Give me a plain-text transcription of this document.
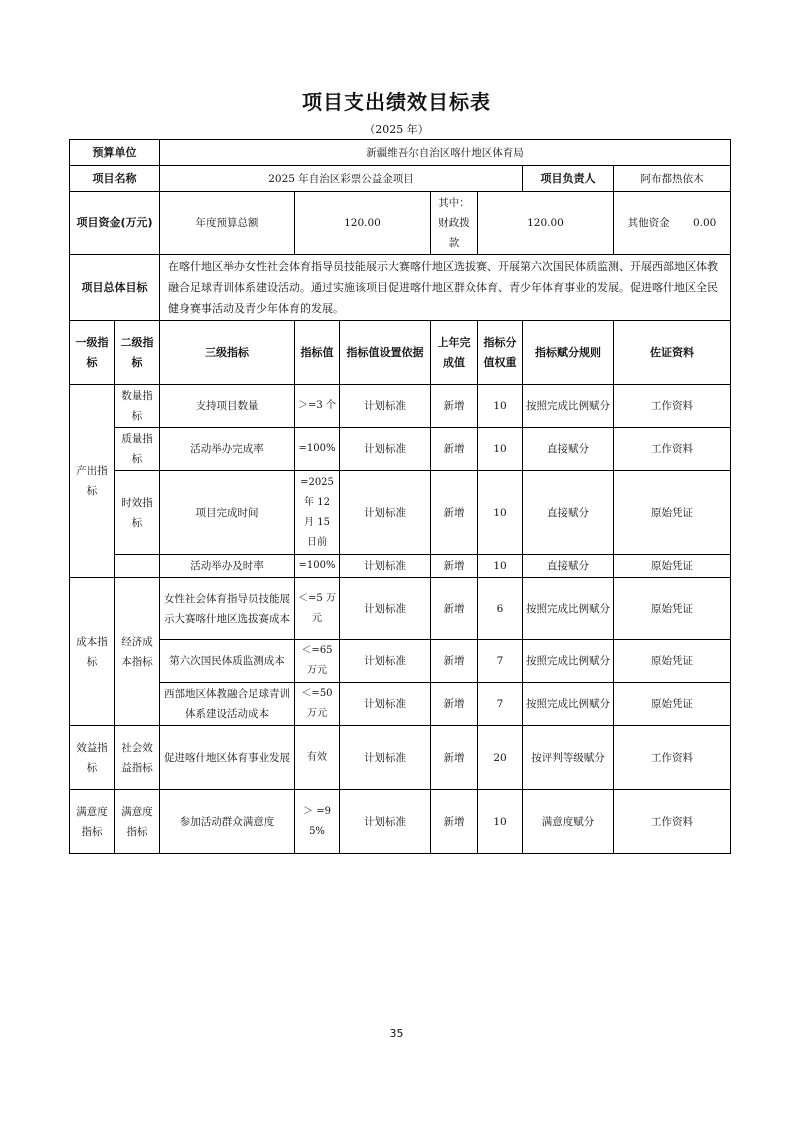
项目支出绩效目标表
（2025 年）
预算单位		新疆维吾尔自治区喀什地区体育局						
项目名称		2025 年自治区彩票公益金项目					项目负责人	阿布都热依木
项目资金(万元)		年度预算总额	120.00		其中：财政拨款	120.00		其他资金 0.00
项目总体目标		在喀什地区举办女性社会体育指导员技能展示大赛喀什地区选拔赛、开展第六次国民体质监测、开展西部地区体教融合足球青训体系建设活动。通过实施该项目促进喀什地区群众体育、青少年体育事业的发展。促进喀什地区全民健身赛事活动及青少年体育的发展。						
一级指标	二级指标	三级指标	指标值	指标值设置依据	上年完成值	指标分值权重	指标赋分规则	佐证资料
产出指标	数量指标	支持项目数量	＞=3 个	计划标准	新增	10	按照完成比例赋分	工作资料
	质量指标	活动举办完成率	=100%	计划标准	新增	10	直接赋分	工作资料
	时效指标	项目完成时间	=2025 年 12 月 15 日前	计划标准	新增	10	直接赋分	原始凭证
		活动举办及时率	=100%	计划标准	新增	10	直接赋分	原始凭证
成本指标	经济成本指标	女性社会体育指导员技能展示大赛喀什地区选拔赛成本	＜=5 万元	计划标准	新增	6	按照完成比例赋分	原始凭证
		第六次国民体质监测成本	＜=65 万元	计划标准	新增	7	按照完成比例赋分	原始凭证
		西部地区体教融合足球青训体系建设活动成本	＜=50 万元	计划标准	新增	7	按照完成比例赋分	原始凭证
效益指标	社会效益指标	促进喀什地区体育事业发展	有效	计划标准	新增	20	按评判等级赋分	工作资料
满意度指标	满意度指标	参加活动群众满意度	＞ =95%	计划标准	新增	10	满意度赋分	工作资料
35
